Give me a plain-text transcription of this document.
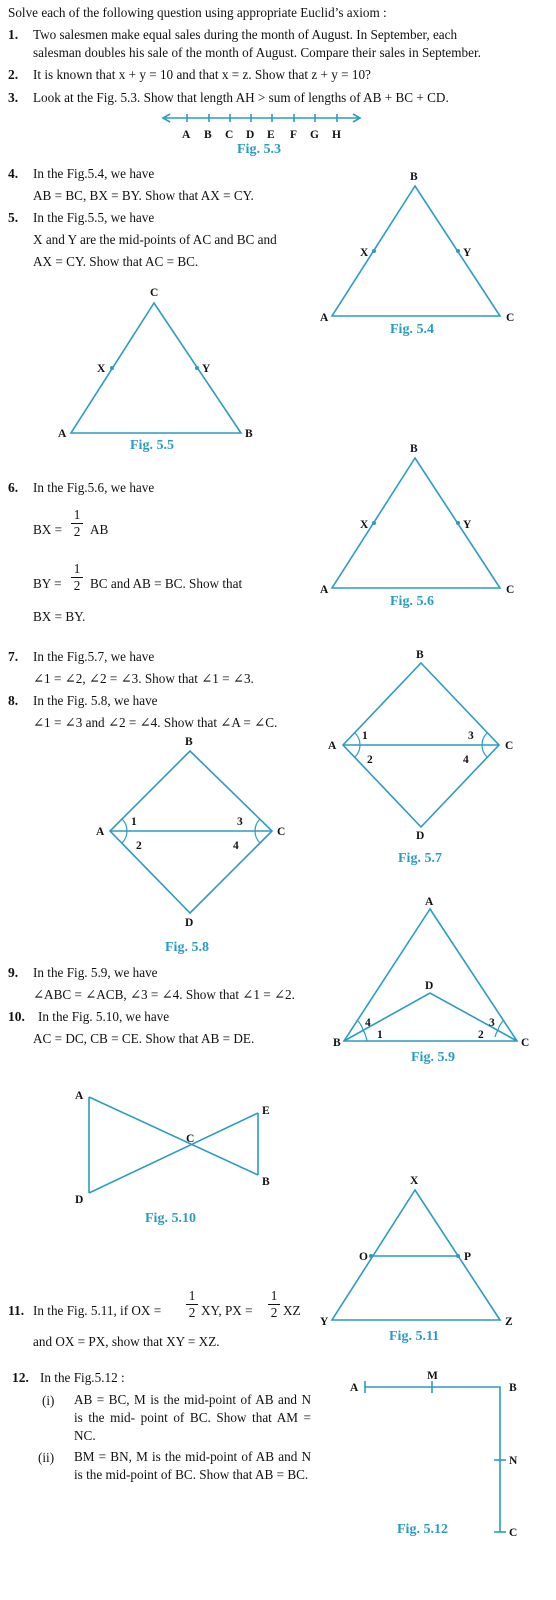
Solve each of the following question using appropriate Euclid’s axiom :
1. Two salesmen make equal sales during the month of August. In September, each
salesman doubles his sale of the month of August. Compare their sales in September.
2. It is known that x + y = 10 and that x = z. Show that z + y = 10?
3. Look at the Fig. 5.3. Show that length AH > sum of lengths of AB + BC + CD.
A B C D E F G H
Fig. 5.3
4. In the Fig.5.4, we have
AB = BC, BX = BY. Show that AX = CY.
5. In the Fig.5.5, we have
X and Y are the mid-points of AC and BC and
AX = CY. Show that AC = BC.
B
X	Y
A	C
Fig. 5.4
C
X	Y
A	B
Fig. 5.5
6. In the Fig.5.6, we have
BX =
1
2 AB
BY =
1
2 BC and AB = BC. Show that
BX = BY.
B
X	Y
A	C
Fig. 5.6
7. In the Fig.5.7, we have
∠1 = ∠2, ∠2 = ∠3. Show that ∠1 = ∠3.
8. In the Fig. 5.8, we have
∠1 = ∠3 and ∠2 = ∠4. Show that ∠A = ∠C.
B
A	C
D
1
2
3
4
Fig. 5.7
B
A	C
D
1
2
3
4
Fig. 5.8
9. In the Fig. 5.9, we have
∠ABC = ∠ACB, ∠3 = ∠4. Show that ∠1 = ∠2.
10. In the Fig. 5.10, we have
AC = DC, CB = CE. Show that AB = DE.
A
D
B	C
4
1
3
2
Fig. 5.9
A
D
C
E
B
Fig. 5.10
X
O	P
Y	Z
Fig. 5.11
11. In the Fig. 5.11, if OX =
1
2 XY, PX =
1
2 XZ
and OX = PX, show that XY = XZ.
12. In the Fig.5.12 :
(i) AB = BC, M is the mid-point of AB and N is the mid- point of BC. Show that AM = NC.
(ii) BM = BN, M is the mid-point of AB and N is the mid-point of BC. Show that AB = BC.
A
M
B
N
C
Fig. 5.12
